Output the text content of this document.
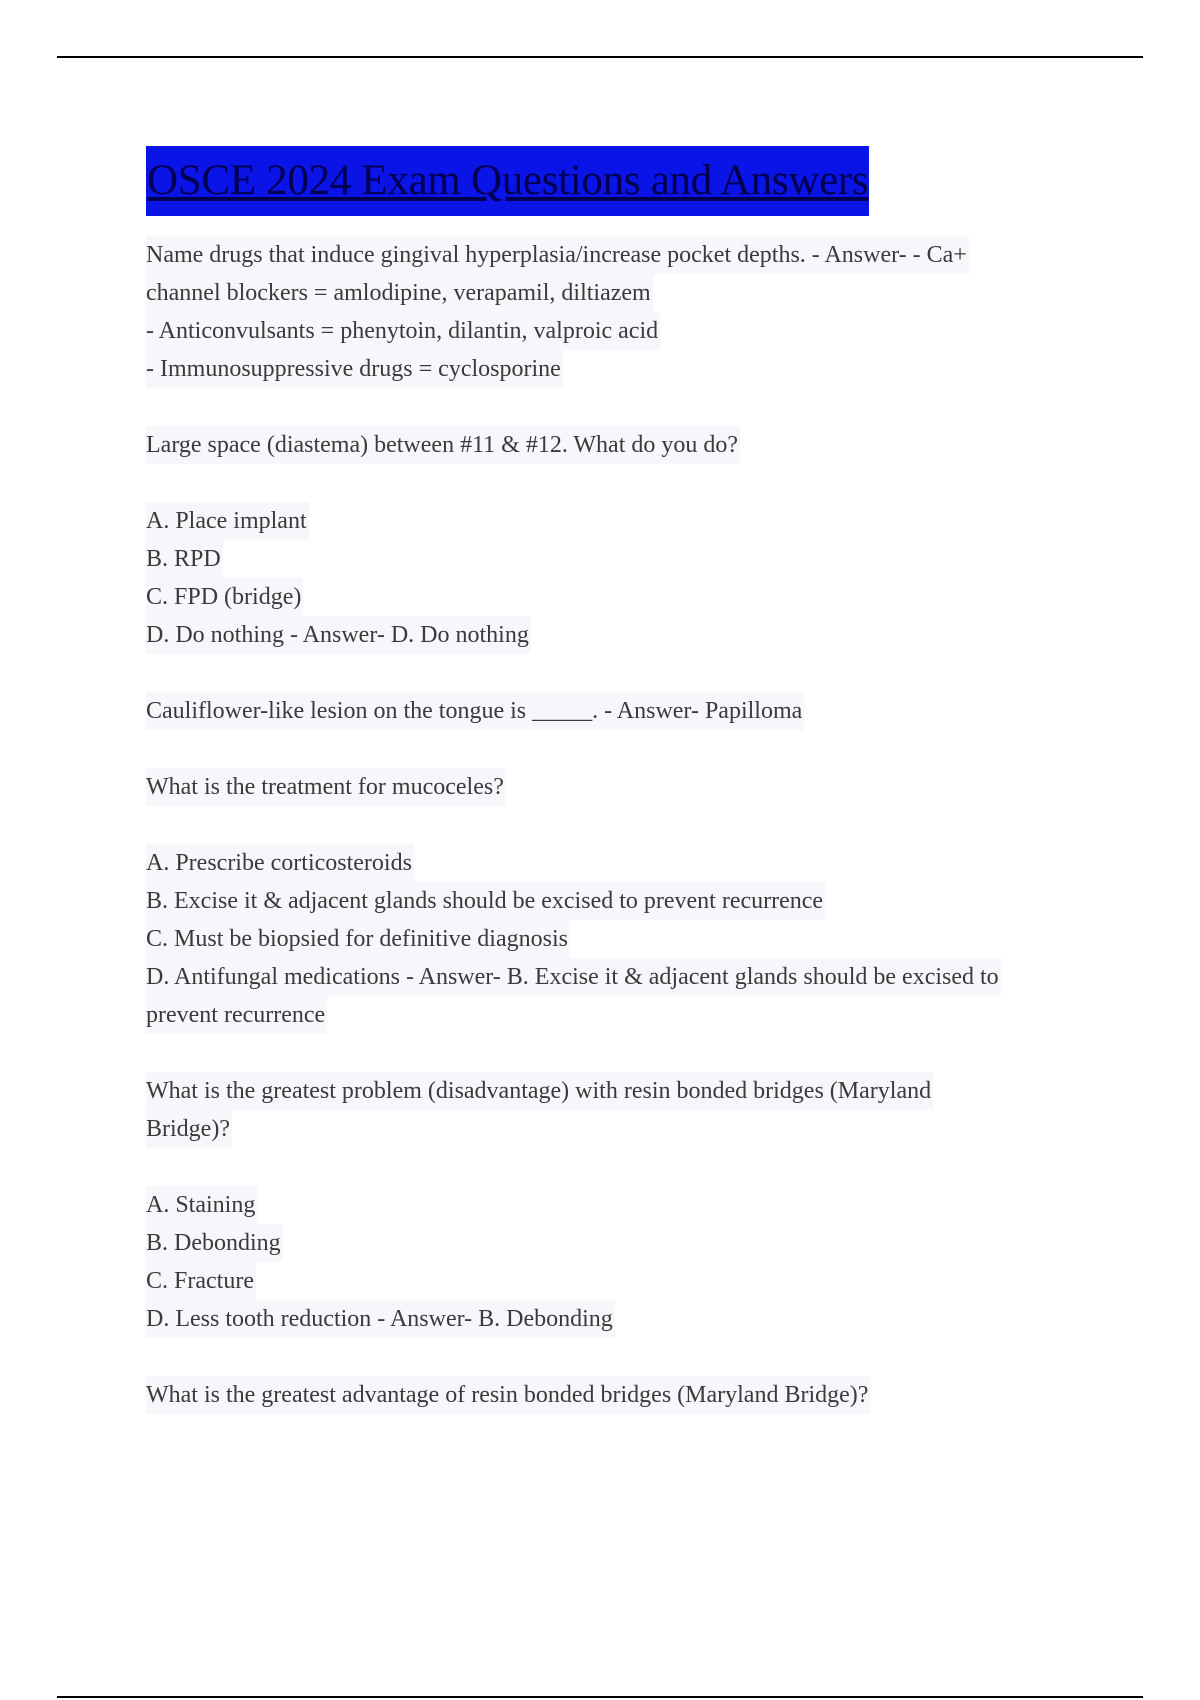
OSCE 2024 Exam Questions and Answers
Name drugs that induce gingival hyperplasia/increase pocket depths. - Answer- - Ca+
channel blockers = amlodipine, verapamil, diltiazem
- Anticonvulsants = phenytoin, dilantin, valproic acid
- Immunosuppressive drugs = cyclosporine
Large space (diastema) between #11 & #12. What do you do?
A. Place implant
B. RPD
C. FPD (bridge)
D. Do nothing - Answer- D. Do nothing
Cauliflower-like lesion on the tongue is _____. - Answer- Papilloma
What is the treatment for mucoceles?
A. Prescribe corticosteroids
B. Excise it & adjacent glands should be excised to prevent recurrence
C. Must be biopsied for definitive diagnosis
D. Antifungal medications - Answer- B. Excise it & adjacent glands should be excised to
prevent recurrence
What is the greatest problem (disadvantage) with resin bonded bridges (Maryland
Bridge)?
A. Staining
B. Debonding
C. Fracture
D. Less tooth reduction - Answer- B. Debonding
What is the greatest advantage of resin bonded bridges (Maryland Bridge)?
